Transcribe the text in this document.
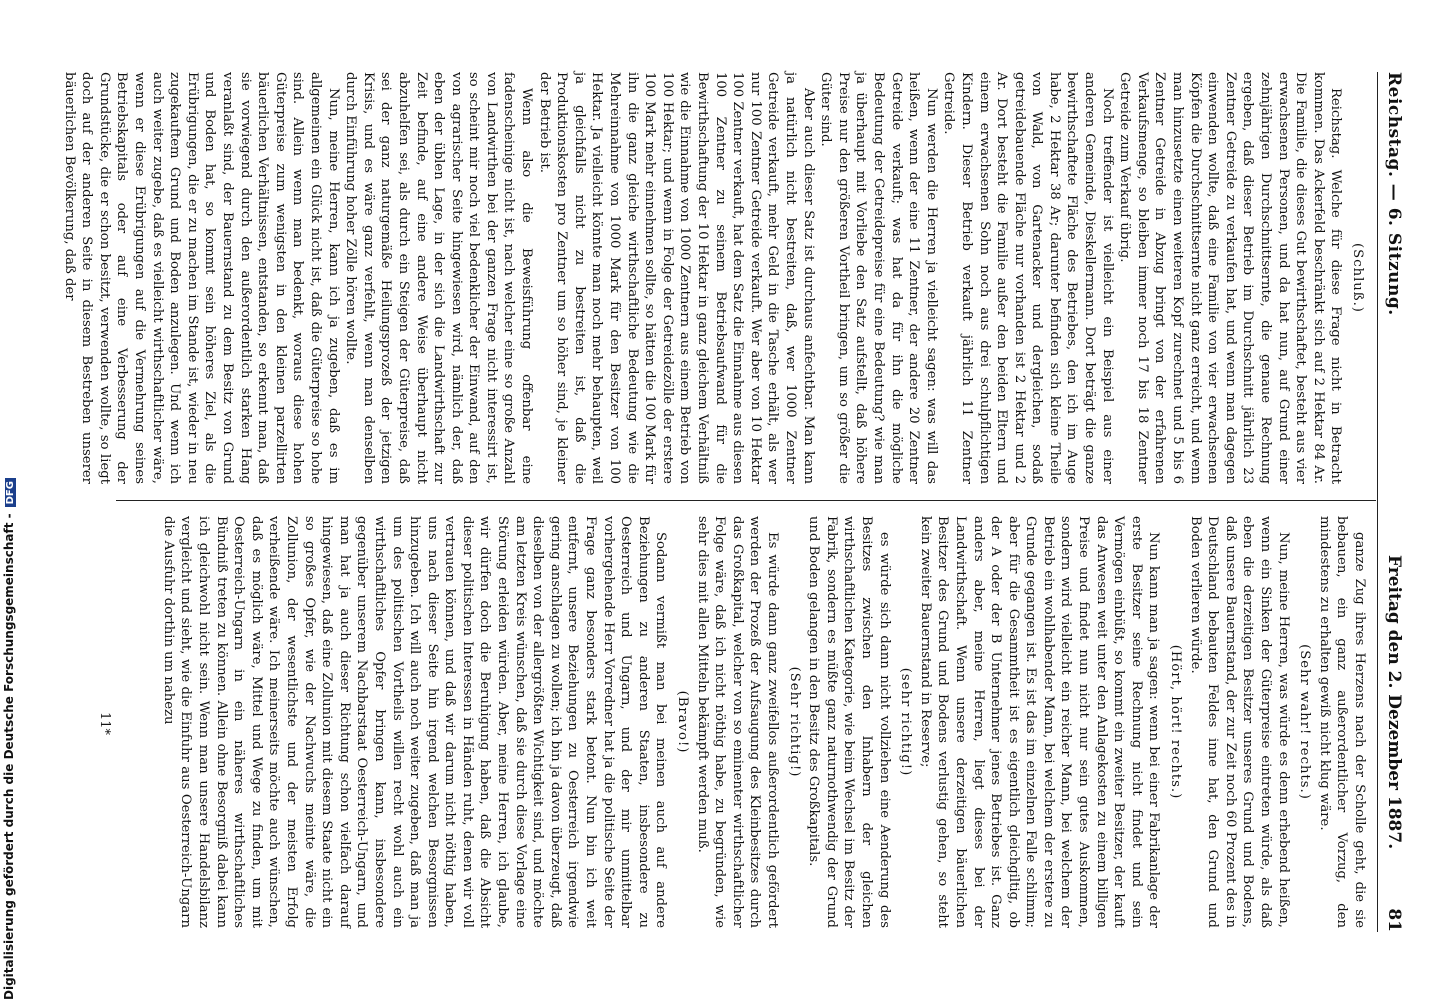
Reichstag. — 6. Sitzung.
Freitag den 2. Dezember 1887.          81

(Schluß.)

Reichstag. Welche für diese Frage nicht in Betracht kommen. Das Ackerfeld beschränkt sich auf 2 Hektar 84 Ar. Die Familie, die dieses Gut bewirthschaftet, besteht aus vier erwachsenen Personen, und da hat nun, auf Grund einer zehnjährigen Durchschnittsernte, die genaue Rechnung ergeben, daß dieser Betrieb im Durchschnitt jährlich 23 Zentner Getreide zu verkaufen hat, und wenn man dagegen einwenden wollte, daß eine Familie von vier erwachsenen Köpfen die Durchschnittsernte nicht ganz erreicht, und wenn man hinzusetzte einen weiteren Kopf zurechnet und 5 bis 6 Zentner Getreide in Abzug bringt von der erfahrenen Verkaufsmenge, so bleiben immer noch 17 bis 18 Zentner Getreide zum Verkauf übrig.

Noch treffender ist vielleicht ein Beispiel aus einer anderen Gemeinde, Dieskellermann. Dort beträgt die ganze bewirthschaftete Fläche des Betriebes, den ich im Auge habe, 2 Hektar 38 Ar; darunter befinden sich kleine Theile von Wald, von Gartenacker und dergleichen, sodaß getreidebauende Fläche nur vorhanden ist 2 Hektar und 2 Ar. Dort besteht die Familie außer den beiden Eltern und einem erwachsenen Sohn noch aus drei schulpflichtigen Kindern. Dieser Betrieb verkauft jährlich 11 Zentner Getreide.

Nun werden die Herren ja vielleicht sagen: was will das heißen, wenn der eine 11 Zentner, der andere 20 Zentner Getreide verkauft; was hat da für ihn die mögliche Bedeutung der Getreidepreise für eine Bedeutung? wie man ja überhaupt mit Vorliebe den Satz aufstellt, daß höhere Preise nur den größeren Vortheil bringen, um so größer die Güter sind.

Aber auch dieser Satz ist durchaus anfechtbar. Man kann ja natürlich nicht bestreiten, daß, wer 1000 Zentner Getreide verkauft, mehr Geld in die Tasche erhält, als wer nur 100 Zentner Getreide verkauft. Wer aber von 10 Hektar 100 Zentner verkauft, hat dem Satz die Einnahme aus diesen 100 Zentner zu seinem Betriebsaufwand für die Bewirthschaftung der 10 Hektar in ganz gleichem Verhältniß wie die Einnahme von 1000 Zentnern aus einem Betrieb von 100 Hektar; und wenn in Folge der Getreidezölle der erstere 100 Mark mehr einnehmen sollte, so hätten die 100 Mark für ihn die ganz gleiche wirthschaftliche Bedeutung wie die Mehreinnahme von 1000 Mark für den Besitzer von 100 Hektar. Ja vielleicht könnte man noch mehr behaupten, weil ja gleichfalls nicht zu bestreiten ist, daß die Produktionskosten pro Zentner um so höher sind, je kleiner der Betrieb ist.

Wenn also die Beweisführung offenbar eine fadenscheinige nicht ist, nach welcher eine so große Anzahl von Landwirthen bei der ganzen Frage nicht interessirt ist, so scheint mir noch viel bedenklicher der Einwand, auf den von agrarischer Seite hingewiesen wird, nämlich der, daß eben der üblen Lage, in der sich die Landwirthschaft zur Zeit befinde, auf eine andere Weise überhaupt nicht abzuhelfen sei, als durch ein Steigen der Güterpreise, daß sei der ganz naturgemäße Heilungsprozeß der jetzigen Krisis, und es wäre ganz verfehlt, wenn man denselben durch Einführung hoher Zölle hören wollte.

Nun, meine Herren, kann ich ja zugeben, daß es im allgemeinen ein Glück nicht ist, daß die Güterpreise so hohe sind. Allein wenn man bedenkt, woraus diese hohen Güterpreise zum wenigsten in den kleinen parzellirten bäuerlichen Verhältnissen, entstanden, so erkennt man, daß sie vorwiegend durch den außerordentlich starken Hang veranlaßt sind, der Bauernstand zu dem Besitz von Grund und Boden hat, so kommt sein höheres Ziel, als die Erübrigungen, die er zu machen im Stande ist, wieder in neu zugekauftem Grund und Boden anzulegen. Und wenn ich auch weiter zugebe, daß es vielleicht wirthschaftlicher wäre, wenn er diese Erübrigungen auf die Vermehrung seines Betriebskapitals oder auf eine Verbesserung der Grundstücke, die er schon besitzt, verwenden wollte, so liegt doch auf der anderen Seite in diesem Bestreben unserer bäuerlichen Bevölkerung, daß der

ganze Zug ihres Herzens nach der Scholle geht, die sie bebauen, ein ganz außerordentlicher Vorzug, den mindestens zu erhalten gewiß nicht klug wäre.

(Sehr wahr! rechts.)

Nun, meine Herren, was würde es denn erhebend heißen, wenn ein Sinken der Güterpreise eintreten würde, als daß eben die derzeitigen Besitzer unseres Grund und Bodens, daß unsere Bauernstand, der zur Zeit noch 60 Prozent des in Deutschland bebauten Feldes inne hat, den Grund und Boden verlieren würde.

(Hört, hört! rechts.)

Nun kann man ja sagen: wenn bei einer Fabrikanlage der erste Besitzer seine Rechnung nicht findet und sein Vermögen einbüßt, so kommt ein zweiter Besitzer, der kauft das Anwesen weit unter den Anlagekosten zu einem billigen Preise und findet nun nicht nur sein gutes Auskommen, sondern wird vielleicht ein reicher Mann, bei welchem der Betrieb ein wohlhabender Mann, bei welchem der erstere zu Grunde gegangen ist. Es ist das im einzelnen Falle schlimm; aber für die Gesammtheit ist es eigentlich gleichgiltig, ob der A oder der B Unternehmer jenes Betriebes ist. Ganz anders aber, meine Herren, liegt dieses bei der Landwirthschaft. Wenn unsere derzeitigen bäuerlichen Besitzer des Grund und Bodens verlustig gehen, so steht kein zweiter Bauernstand in Reserve;

(sehr richtig!)

es würde sich dann nicht vollziehen eine Aenderung des Besitzes zwischen den Inhabern der gleichen wirthschaftlichen Kategorie, wie beim Wechsel im Besitz der Fabrik, sondern es müßte ganz naturnothwendig der Grund und Boden gelangen in den Besitz des Großkapitals.

(Sehr richtig!)

Es würde dann ganz zweifellos außerordentlich gefördert werden der Prozeß der Aufsaugung des Kleinbesitzes durch das Großkapital, welcher von so eminenter wirthschaftlicher Folge wäre, daß ich nicht nöthig habe, zu begründen, wie sehr dies mit allen Mitteln bekämpft werden muß.

(Bravo!)

Sodann vermißt man bei meinen auch auf andere Beziehungen zu anderen Staaten, insbesondere zu Oesterreich und Ungarn, und der mir unmittelbar vorhergehende Herr Vorredner hat ja die politische Seite der Frage ganz besonders stark betont. Nun bin ich weit entfernt, unsere Beziehungen zu Oesterreich irgendwie gering anschlagen zu wollen; ich bin ja davon überzeugt, daß dieselben von der allergrößten Wichtigkeit sind, und möchte am letzten Kreis wünschen, daß sie durch diese Vorlage eine Störung erleiden würden. Aber, meine Herren, ich glaube, wir dürfen doch die Beruhigung haben, daß die Absicht dieser politischen Interessen in Händen ruht, denen wir voll vertrauen können, und daß wir darum nicht nöthig haben, uns nach dieser Seite hin irgend welchen Besorgnissen hinzugeben. Ich will auch noch weiter zugeben, daß man ja um des politischen Vortheils willen recht wohl auch ein wirthschaftliches Opfer bringen kann, insbesondere gegenüber unserem Nachbarstaat Oesterreich-Ungarn, und man hat ja auch dieser Richtung schon vielfach darauf hingewiesen, daß eine Zollunion mit diesem Staate nicht ein so großes Opfer, wie der Nachwuchs meinte wäre, die Zollunion, der wesentlichste und der meisten Erfolg verheißende wäre. Ich meinerseits möchte auch wünschen, daß es möglich wäre, Mittel und Wege zu finden, um mit Oesterreich-Ungarn in ein näheres wirthschaftliches Bündniß treten zu können. Allein ohne Besorgniß dabei kann ich gleichwohl nicht sein. Wenn man unsere Handelsbilanz vergleicht und sieht, wie die Einfuhr aus Oesterreich-Ungarn die Ausfuhr dorthin um nahezu

11*
Digitalisierung gefördert durch die Deutsche Forschungsgemeinschaft -DFG
